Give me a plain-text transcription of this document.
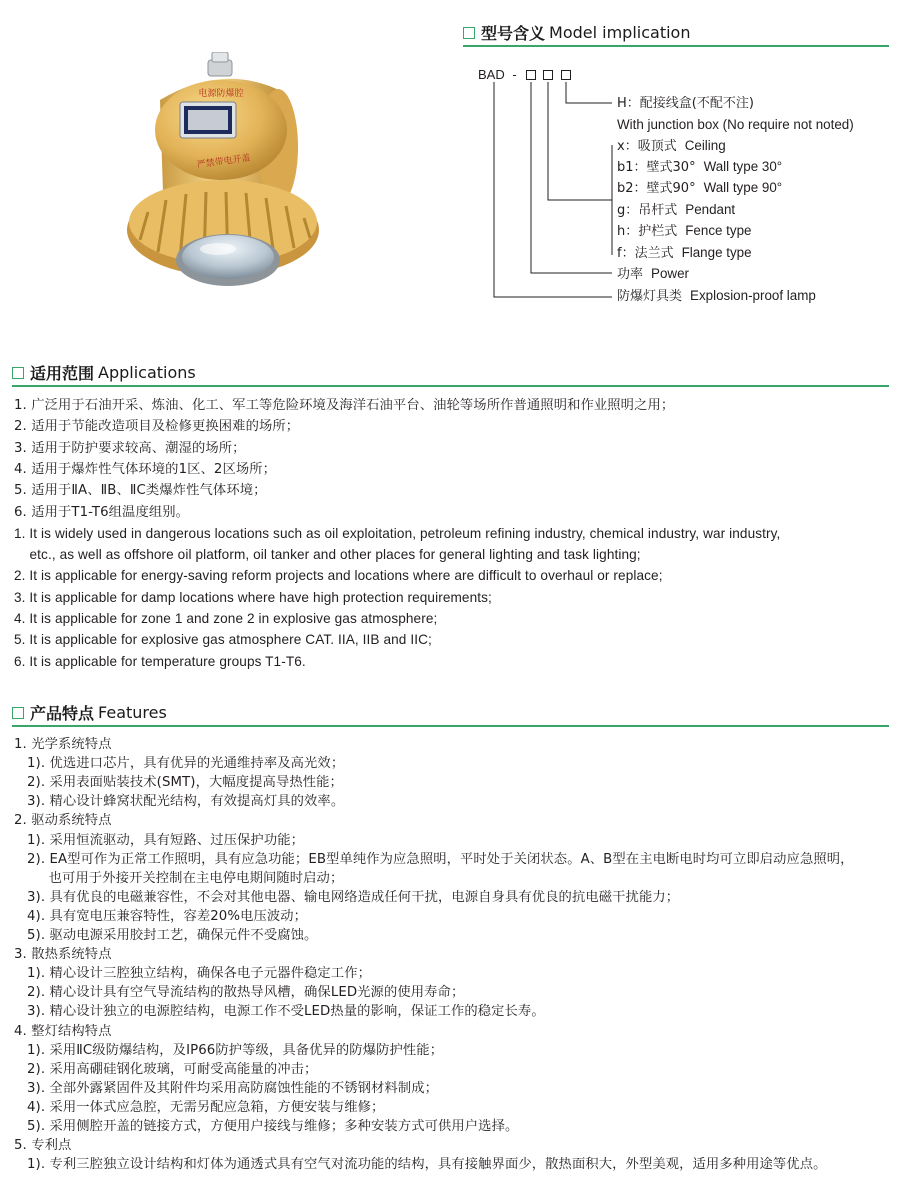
电源防爆腔
严禁带电开盖
型号含义 Model implication
BAD -
H：配接线盒(不配不注)
With junction box (No require not noted)
x：吸顶式 Ceiling
b1：壁式30° Wall type 30°
b2：壁式90° Wall type 90°
g：吊杆式 Pendant
h：护栏式 Fence type
f：法兰式 Flange type
功率 Power
防爆灯具类 Explosion-proof lamp
适用范围 Applications
1. 广泛用于石油开采、炼油、化工、军工等危险环境及海洋石油平台、油轮等场所作普通照明和作业照明之用；
2. 适用于节能改造项目及检修更换困难的场所；
3. 适用于防护要求较高、潮湿的场所；
4. 适用于爆炸性气体环境的1区、2区场所；
5. 适用于ⅡA、ⅡB、ⅡC类爆炸性气体环境；
6. 适用于T1-T6组温度组别。
1. It is widely used in dangerous locations such as oil exploitation, petroleum refining industry, chemical industry, war industry,
etc., as well as offshore oil platform, oil tanker and other places for general lighting and task lighting;
2. It is applicable for energy-saving reform projects and locations where are difficult to overhaul or replace;
3. It is applicable for damp locations where have high protection requirements;
4. It is applicable for zone 1 and zone 2 in explosive gas atmosphere;
5. It is applicable for explosive gas atmosphere CAT. IIA, IIB and IIC;
6. It is applicable for temperature groups T1-T6.
产品特点 Features
1. 光学系统特点
1). 优选进口芯片，具有优异的光通维持率及高光效；
2). 采用表面贴装技术(SMT)，大幅度提高导热性能；
3). 精心设计蜂窝状配光结构，有效提高灯具的效率。
2. 驱动系统特点
1). 采用恒流驱动，具有短路、过压保护功能；
2). EA型可作为正常工作照明，具有应急功能；EB型单纯作为应急照明，平时处于关闭状态。A、B型在主电断电时均可立即启动应急照明，
也可用于外接开关控制在主电停电期间随时启动；
3). 具有优良的电磁兼容性，不会对其他电器、输电网络造成任何干扰，电源自身具有优良的抗电磁干扰能力；
4). 具有宽电压兼容特性，容差20%电压波动；
5). 驱动电源采用胶封工艺，确保元件不受腐蚀。
3. 散热系统特点
1). 精心设计三腔独立结构，确保各电子元器件稳定工作；
2). 精心设计具有空气导流结构的散热导风槽，确保LED光源的使用寿命；
3). 精心设计独立的电源腔结构，电源工作不受LED热量的影响，保证工作的稳定长寿。
4. 整灯结构特点
1). 采用ⅡC级防爆结构，及IP66防护等级，具备优异的防爆防护性能；
2). 采用高硼硅钢化玻璃，可耐受高能量的冲击；
3). 全部外露紧固件及其附件均采用高防腐蚀性能的不锈钢材料制成；
4). 采用一体式应急腔，无需另配应急箱，方便安装与维修；
5). 采用侧腔开盖的链接方式，方便用户接线与维修；多种安装方式可供用户选择。
5. 专利点
1). 专利三腔独立设计结构和灯体为通透式具有空气对流功能的结构，具有接触界面少，散热面积大，外型美观，适用多种用途等优点。
